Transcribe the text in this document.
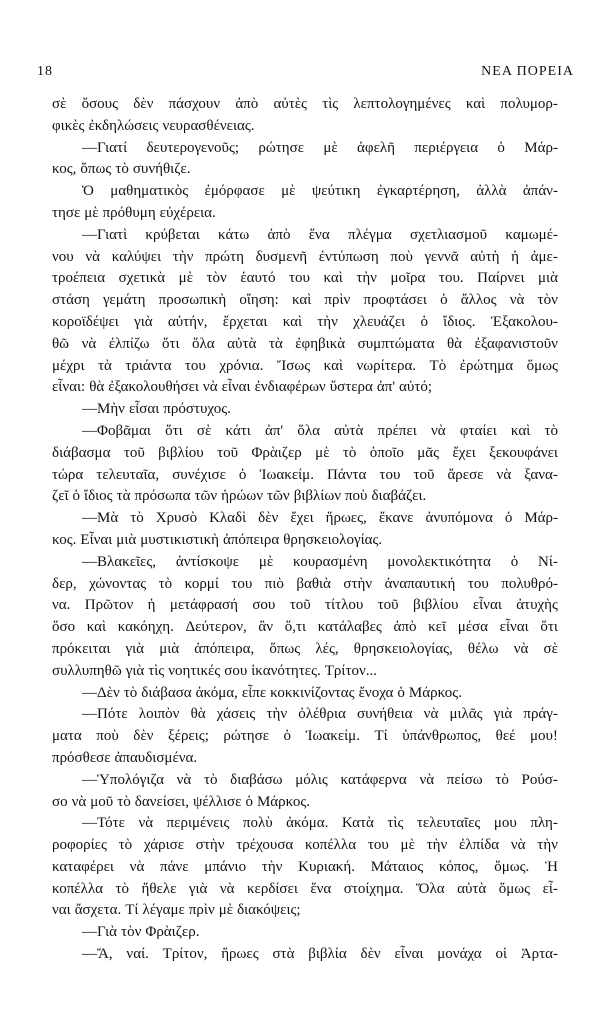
18	ΝΕΑ ΠΟΡΕΙΑ
σὲ ὅσους δὲν πάσχουν ἀπὸ αὐτὲς τὶς λεπτολογημένες καὶ πολυμορ-
φικὲς ἐκδηλώσεις νευρασθένειας.
—Γιατί δευτερογενοῦς; ρώτησε μὲ ἀφελῆ περιέργεια ὁ Μάρ-
κος, ὅπως τὸ συνήθιζε.
Ὁ μαθηματικὸς ἐμόρφασε μὲ ψεύτικη ἐγκαρτέρηση, ἀλλὰ ἀπάν-
τησε μὲ πρόθυμη εὐχέρεια.
—Γιατὶ κρύβεται κάτω ἀπὸ ἕνα πλέγμα σχετλιασμοῦ καμωμέ-
νου νὰ καλύψει τὴν πρώτη δυσμενῆ ἐντύπωση ποὺ γεννᾶ αὐτὴ ἡ ἀμε-
τροέπεια σχετικὰ μὲ τὸν ἑαυτό του καὶ τὴν μοῖρα του. Παίρνει μιὰ
στάση γεμάτη προσωπικὴ οἴηση: καὶ πρὶν προφτάσει ὁ ἄλλος νὰ τὸν
κοροϊδέψει γιὰ αὐτήν, ἔρχεται καὶ τὴν χλευάζει ὁ ἴδιος. Ἐξακολου-
θῶ νὰ ἐλπίζω ὅτι ὅλα αὐτὰ τὰ ἐφηβικὰ συμπτώματα θὰ ἐξαφανιστοῦν
μέχρι τὰ τριάντα του χρόνια. Ἴσως καὶ νωρίτερα. Τὸ ἐρώτημα ὅμως
εἶναι: θὰ ἐξακολουθήσει νὰ εἶναι ἐνδιαφέρων ὕστερα ἀπ' αὐτό;
—Μὴν εἶσαι πρόστυχος.
—Φοβᾶμαι ὅτι σὲ κάτι ἀπ' ὅλα αὐτὰ πρέπει νὰ φταίει καὶ τὸ
διάβασμα τοῦ βιβλίου τοῦ Φρὰιζερ μὲ τὸ ὁποῖο μᾶς ἔχει ξεκουφάνει
τώρα τελευταῖα, συνέχισε ὁ Ἰωακείμ. Πάντα του τοῦ ἄρεσε νὰ ξανα-
ζεῖ ὁ ἴδιος τὰ πρόσωπα τῶν ἡρώων τῶν βιβλίων ποὺ διαβάζει.
—Μὰ τὸ Χρυσὸ Κλαδὶ δὲν ἔχει ἥρωες, ἔκανε ἀνυπόμονα ὁ Μάρ-
κος. Εἶναι μιὰ μυστικιστικὴ ἀπόπειρα θρησκειολογίας.
—Βλακεῖες, ἀντίσκοψε μὲ κουρασμένη μονολεκτικότητα ὁ Νί-
δερ, χώνοντας τὸ κορμί του πιὸ βαθιὰ στὴν ἀναπαυτική του πολυθρό-
να. Πρῶτον ἡ μετάφρασή σου τοῦ τίτλου τοῦ βιβλίου εἶναι ἀτυχὴς
ὅσο καὶ κακόηχη. Δεύτερον, ἂν ὅ,τι κατάλαβες ἀπὸ κεῖ μέσα εἶναι ὅτι
πρόκειται γιὰ μιὰ ἀπόπειρα, ὅπως λές, θρησκειολογίας, θέλω νὰ σὲ
συλλυπηθῶ γιὰ τὶς νοητικές σου ἱκανότητες. Τρίτον...
—Δὲν τὸ διάβασα ἀκόμα, εἶπε κοκκινίζοντας ἔνοχα ὁ Μάρκος.
—Πότε λοιπὸν θὰ χάσεις τὴν ὀλέθρια συνήθεια νὰ μιλᾶς γιὰ πράγ-
ματα ποὺ δὲν ξέρεις; ρώτησε ὁ Ἰωακείμ. Τί ὑπάνθρωπος, θεέ μου!
πρόσθεσε ἀπαυδισμένα.
—Ὑπολόγιζα νὰ τὸ διαβάσω μόλις κατάφερνα νὰ πείσω τὸ Ρούσ-
σο νὰ μοῦ τὸ δανείσει, ψέλλισε ὁ Μάρκος.
—Τότε νὰ περιμένεις πολὺ ἀκόμα. Κατὰ τὶς τελευταῖες μου πλη-
ροφορίες τὸ χάρισε στὴν τρέχουσα κοπέλλα του μὲ τὴν ἐλπίδα νὰ τὴν
καταφέρει νὰ πάνε μπάνιο τὴν Κυριακή. Μάταιος κόπος, ὅμως. Ἡ
κοπέλλα τὸ ἤθελε γιὰ νὰ κερδίσει ἕνα στοίχημα. Ὅλα αὐτὰ ὅμως εἶ-
ναι ἄσχετα. Τί λέγαμε πρὶν μὲ διακόψεις;
—Γιὰ τὸν Φρὰιζερ.
—Ἄ, ναί. Τρίτον, ἥρωες στὰ βιβλία δὲν εἶναι μονάχα οἱ Ἀρτα-
